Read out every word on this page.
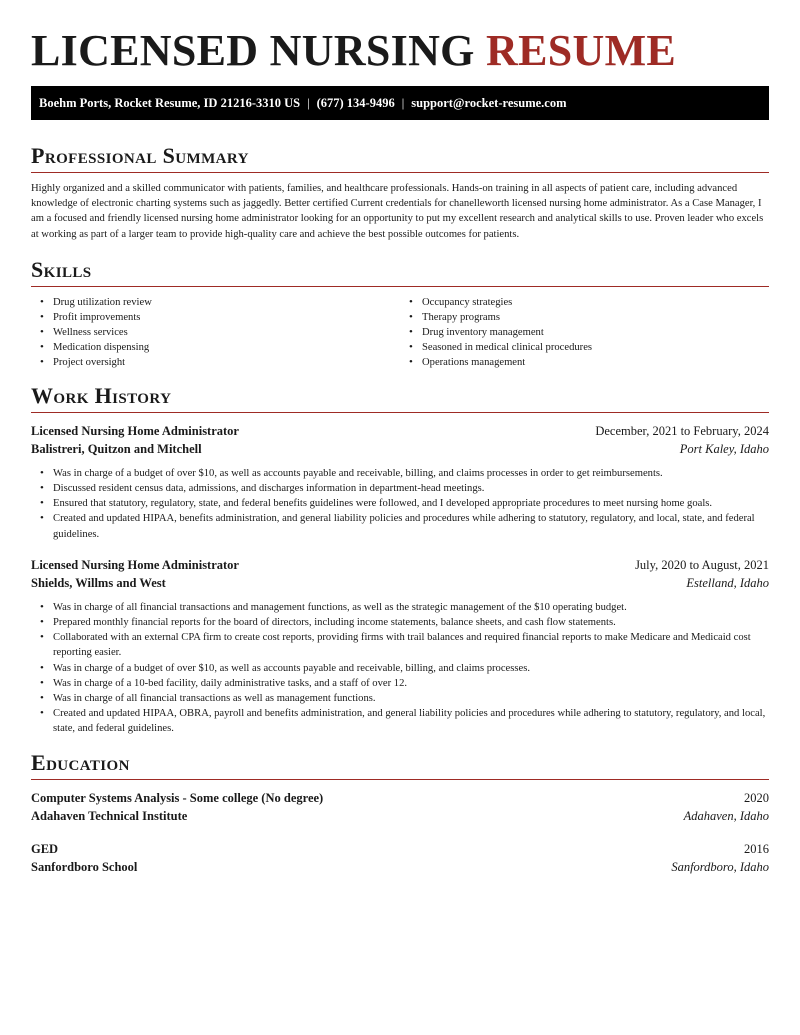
LICENSED NURSING RESUME
Boehm Ports, Rocket Resume, ID 21216-3310 US | (677) 134-9496 | support@rocket-resume.com
Professional Summary

Highly organized and a skilled communicator with patients, families, and healthcare professionals. Hands-on training in all aspects of patient care, including advanced knowledge of electronic charting systems such as jaggedly. Better certified Current credentials for chanelleworth licensed nursing home administrator. As a Case Manager, I am a focused and friendly licensed nursing home administrator looking for an opportunity to put my excellent research and analytical skills to use. Proven leader who excels at working as part of a larger team to provide high-quality care and achieve the best possible outcomes for patients.

Skills
• Drug utilization review
• Profit improvements
• Wellness services
• Medication dispensing
• Project oversight
• Occupancy strategies
• Therapy programs
• Drug inventory management
• Seasoned in medical clinical procedures
• Operations management
Work History
Licensed Nursing Home Administrator	December, 2021 to February, 2024
Balistreri, Quitzon and Mitchell	Port Kaley, Idaho
• Was in charge of a budget of over $10, as well as accounts payable and receivable, billing, and claims processes in order to get reimbursements.
• Discussed resident census data, admissions, and discharges information in department-head meetings.
• Ensured that statutory, regulatory, state, and federal benefits guidelines were followed, and I developed appropriate procedures to meet nursing home goals.
• Created and updated HIPAA, benefits administration, and general liability policies and procedures while adhering to statutory, regulatory, and local, state, and federal guidelines.
Licensed Nursing Home Administrator	July, 2020 to August, 2021
Shields, Willms and West	Estelland, Idaho
• Was in charge of all financial transactions and management functions, as well as the strategic management of the $10 operating budget.
• Prepared monthly financial reports for the board of directors, including income statements, balance sheets, and cash flow statements.
• Collaborated with an external CPA firm to create cost reports, providing firms with trail balances and required financial reports to make Medicare and Medicaid cost reporting easier.
• Was in charge of a budget of over $10, as well as accounts payable and receivable, billing, and claims processes.
• Was in charge of a 10-bed facility, daily administrative tasks, and a staff of over 12.
• Was in charge of all financial transactions as well as management functions.
• Created and updated HIPAA, OBRA, payroll and benefits administration, and general liability policies and procedures while adhering to statutory, regulatory, and local, state, and federal guidelines.
Education
Computer Systems Analysis - Some college (No degree)	2020
Adahaven Technical Institute	Adahaven, Idaho
GED	2016
Sanfordboro School	Sanfordboro, Idaho
